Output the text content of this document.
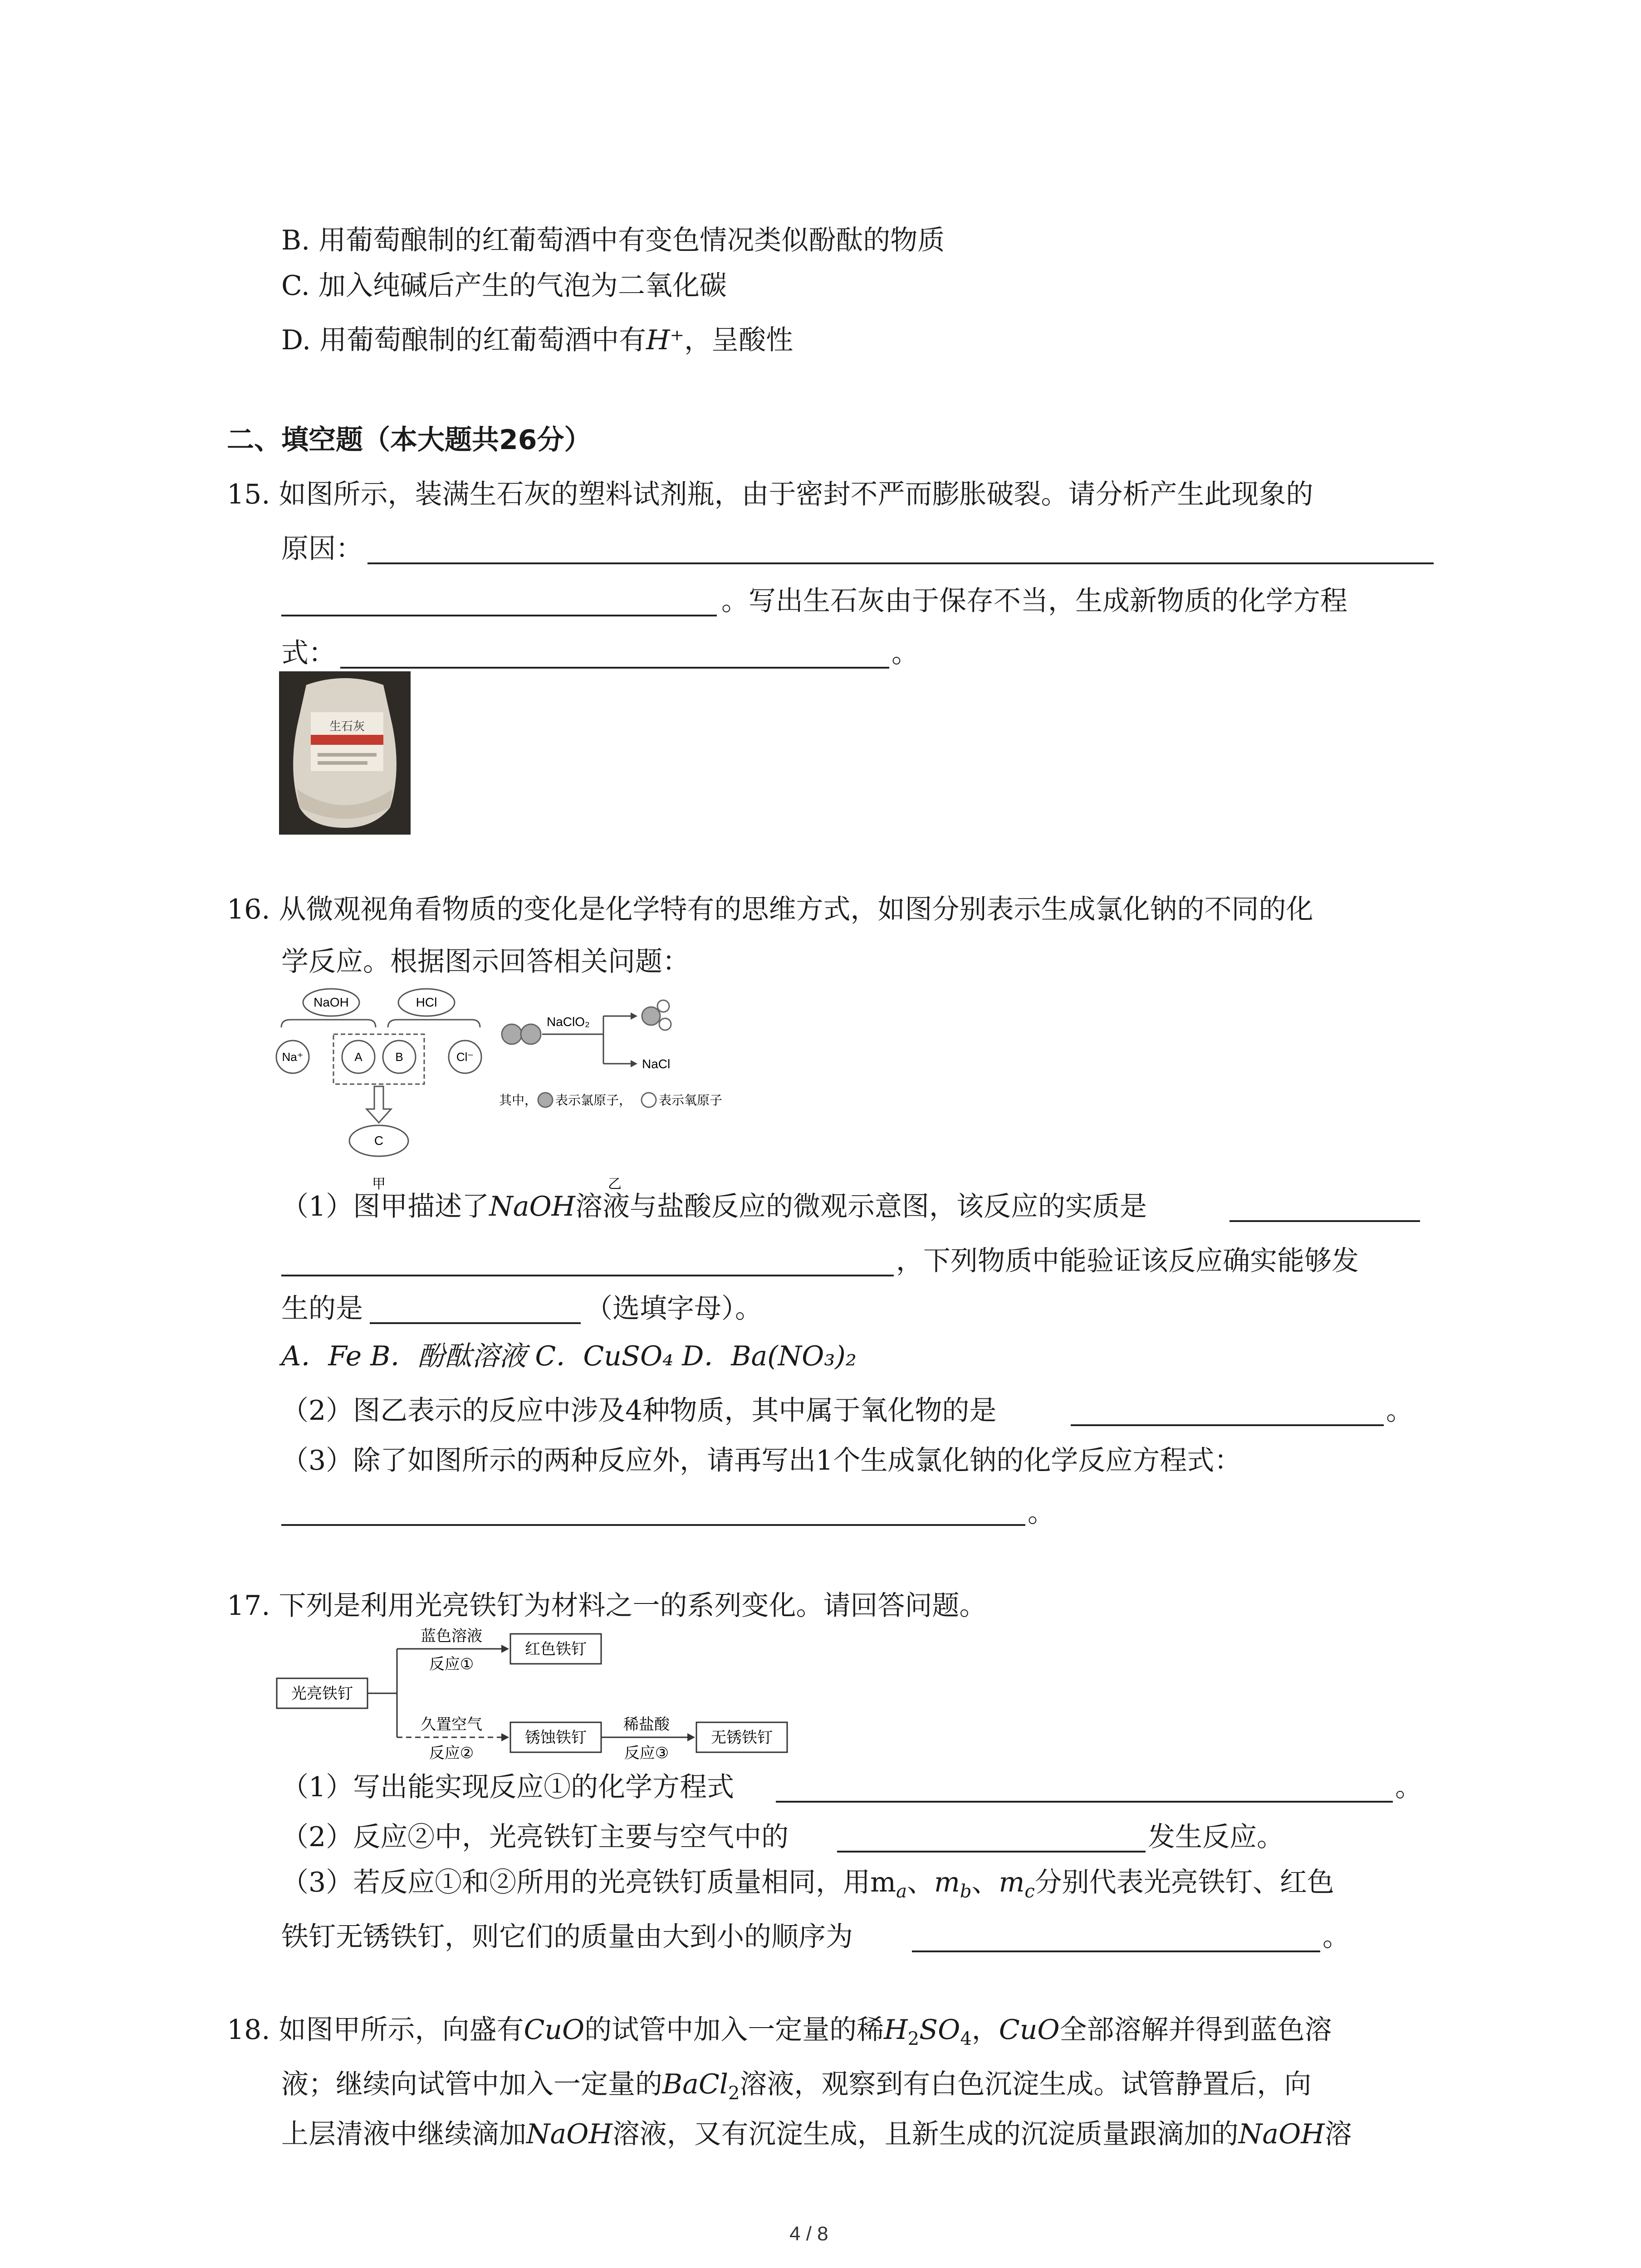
B. 用葡萄酿制的红葡萄酒中有变色情况类似酚酞的物质
C. 加入纯碱后产生的气泡为二氧化碳
D. 用葡萄酿制的红葡萄酒中有H⁺，呈酸性
二、填空题（本大题共26分）
15. 如图所示，装满生石灰的塑料试剂瓶，由于密封不严而膨胀破裂。请分析产生此现象的
原因：
。写出生石灰由于保存不当，生成新物质的化学方程
式：	。
生石灰
16. 从微观视角看物质的变化是化学特有的思维方式，如图分别表示生成氯化钠的不同的化
学反应。根据图示回答相关问题：
NaOH	HCl
Na⁺	A	B	Cl⁻
C
甲
NaClO₂
NaCl
其中， 表示氯原子， 表示氧原子
乙
（1）图甲描述了NaOH溶液与盐酸反应的微观示意图，该反应的实质是
，下列物质中能验证该反应确实能够发
生的是	（选填字母）。
A．Fe B．酚酞溶液 C．CuSO₄ D．Ba(NO₃)₂
（2）图乙表示的反应中涉及4种物质，其中属于氧化物的是	。
（3）除了如图所示的两种反应外，请再写出1个生成氯化钠的化学反应方程式：
。
17. 下列是利用光亮铁钉为材料之一的系列变化。请回答问题。
光亮铁钉
蓝色溶液
反应①
红色铁钉
久置空气
反应②
锈蚀铁钉
稀盐酸
反应③
无锈铁钉
（1）写出能实现反应①的化学方程式	。
（2）反应②中，光亮铁钉主要与空气中的	发生反应。
（3）若反应①和②所用的光亮铁钉质量相同，用$m_a$、$m_b$、$m_c$分别代表光亮铁钉、红色
铁钉无锈铁钉，则它们的质量由大到小的顺序为	。
18. 如图甲所示，向盛有CuO的试管中加入一定量的稀$H_2SO_4$，CuO全部溶解并得到蓝色溶
液；继续向试管中加入一定量的BaCl$_2$溶液，观察到有白色沉淀生成。试管静置后，向
上层清液中继续滴加NaOH溶液，又有沉淀生成，且新生成的沉淀质量跟滴加的NaOH溶
4 / 8
